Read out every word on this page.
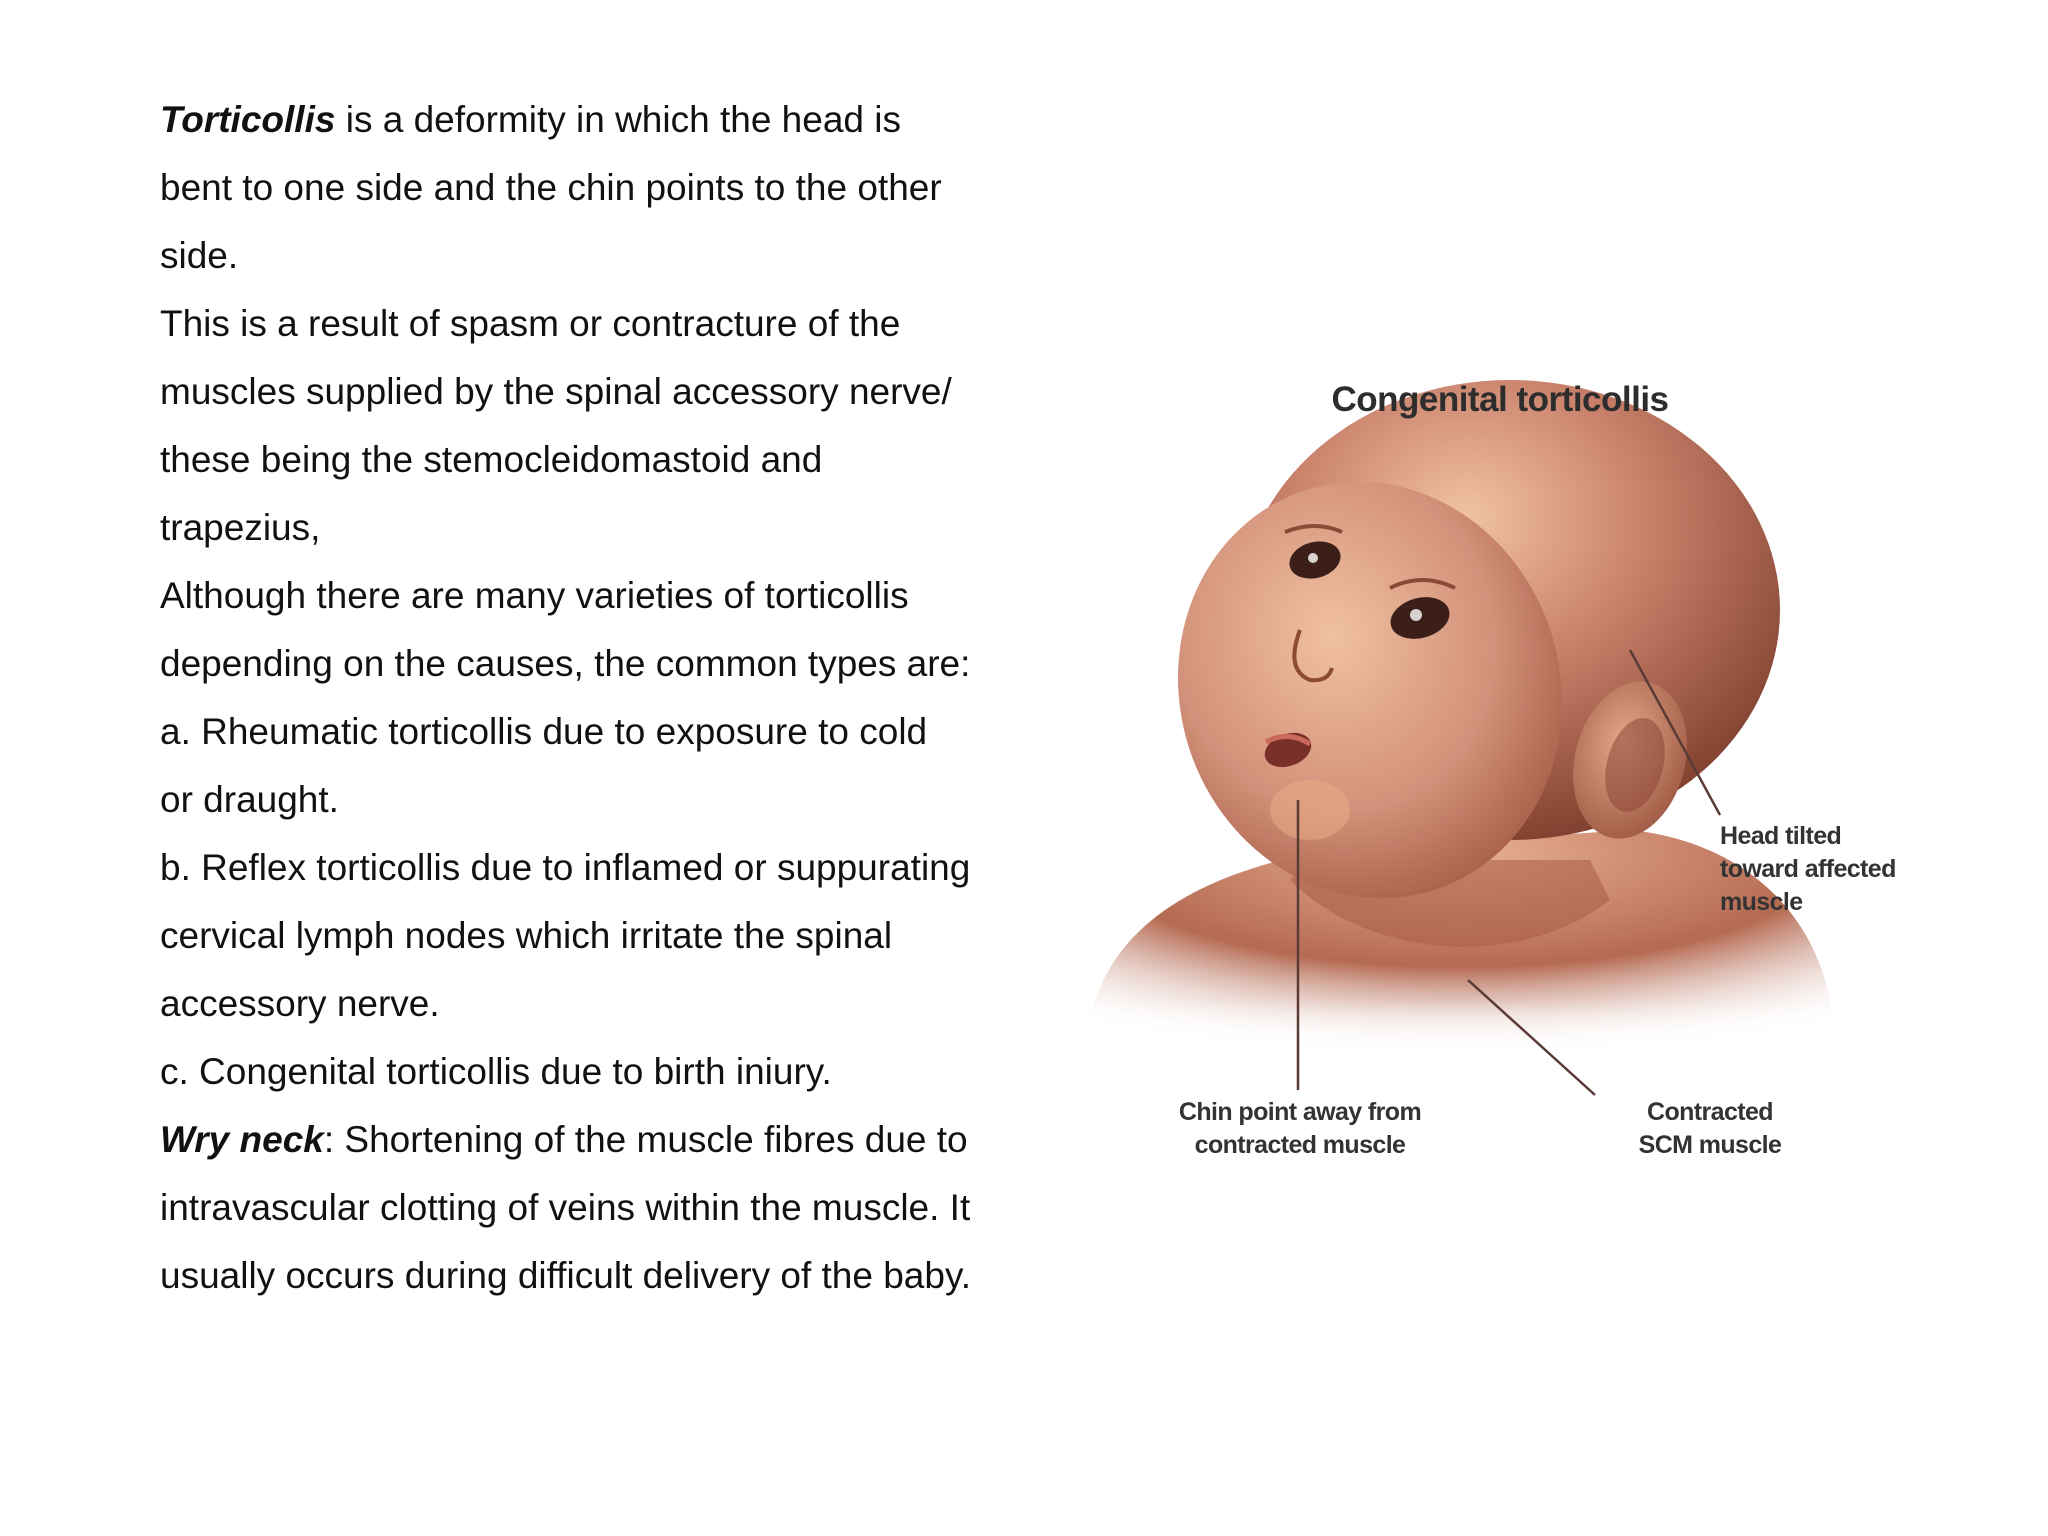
Torticollis is a deformity in which the head is
bent to one side and the chin points to the other
side.
This is a result of spasm or contracture of the
muscles supplied by the spinal accessory nerve/
these being the stemocleidomastoid and
trapezius,
Although there are many varieties of torticollis
depending on the causes, the common types are:
a. Rheumatic torticollis due to exposure to cold
or draught.
b. Reflex torticollis due to inflamed or suppurating
cervical lymph nodes which irritate the spinal
accessory nerve.
c. Congenital torticollis due to birth iniury.
Wry neck: Shortening of the muscle fibres due to
intravascular clotting of veins within the muscle. It
usually occurs during difficult delivery of the baby.
Congenital torticollis
Head tilted
toward affected
muscle
Chin point away from
contracted muscle
Contracted
SCM muscle
